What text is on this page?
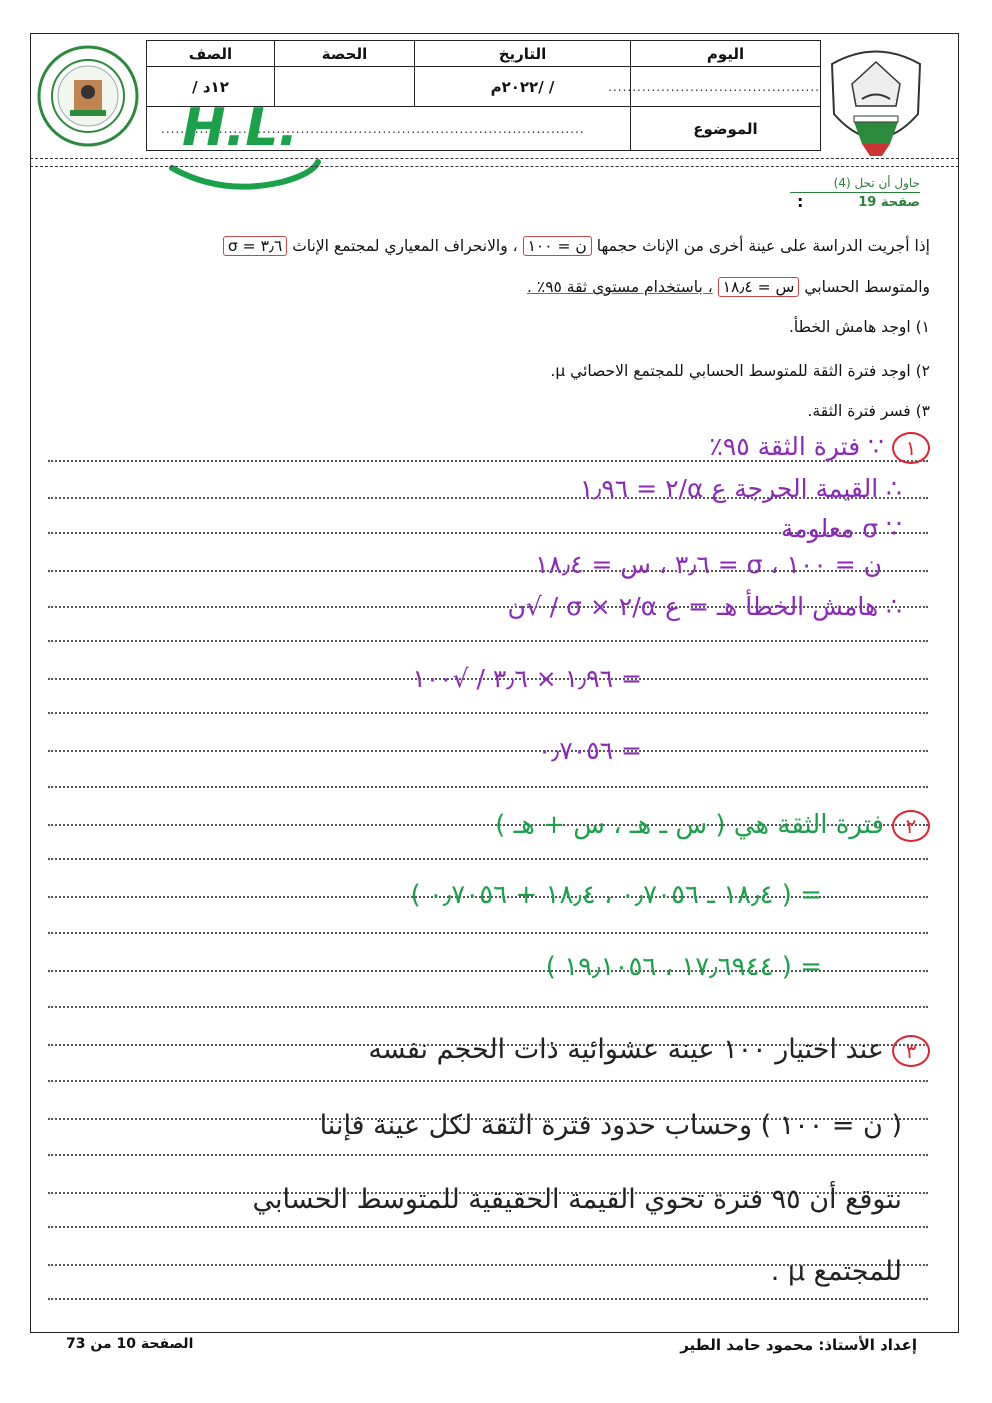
اليوم	التاريخ	الحصة	الصف
............................................	/ /٢٠٢٢م		١٢د /
الموضوع	........................................................................................		
H.L.
حاول أن تحل (4)
صفحة 19
:
إذا أجريت الدراسة على عينة أخرى من الإناث حجمها ن = ١٠٠ ، والانحراف المعياري لمجتمع الإناث σ = ٣٫٦
والمتوسط الحسابي س = ١٨٫٤ ، باستخدام مستوى ثقة ٩٥٪ .
١) اوجد هامش الخطأ.
٢) اوجد فترة الثقة للمتوسط الحسابي للمجتمع الاحصائي μ.
٣) فسر فترة الثقة.
١∵ فترة الثقة ٩٥٪
∴ القيمة الحرجة ع α/٢ = ١٫٩٦
∵ σ معلومة
ن = ١٠٠ ، σ = ٣٫٦ ، س = ١٨٫٤
∴ هامش الخطأ هـ = ع α/٢ × σ / √ن
= ١٫٩٦ × ٣٫٦ / √١٠٠
= ٠٫٧٠٥٦
٢فترة الثقة هي ( س ـ هـ ، س + هـ )
= ( ١٨٫٤ ـ ٠٫٧٠٥٦ ، ١٨٫٤ + ٠٫٧٠٥٦ )
= ( ١٧٫٦٩٤٤ ، ١٩٫١٠٥٦ )
٣عند اختيار ١٠٠ عينة عشوائية ذات الحجم نفسه
( ن = ١٠٠ ) وحساب حدود فترة الثقة لكل عينة فإننا
نتوقع أن ٩٥ فترة تحوي القيمة الحقيقية للمتوسط الحسابي
للمجتمع μ .
الصفحة 10 من 73	إعداد الأستاذ: محمود حامد الطير
